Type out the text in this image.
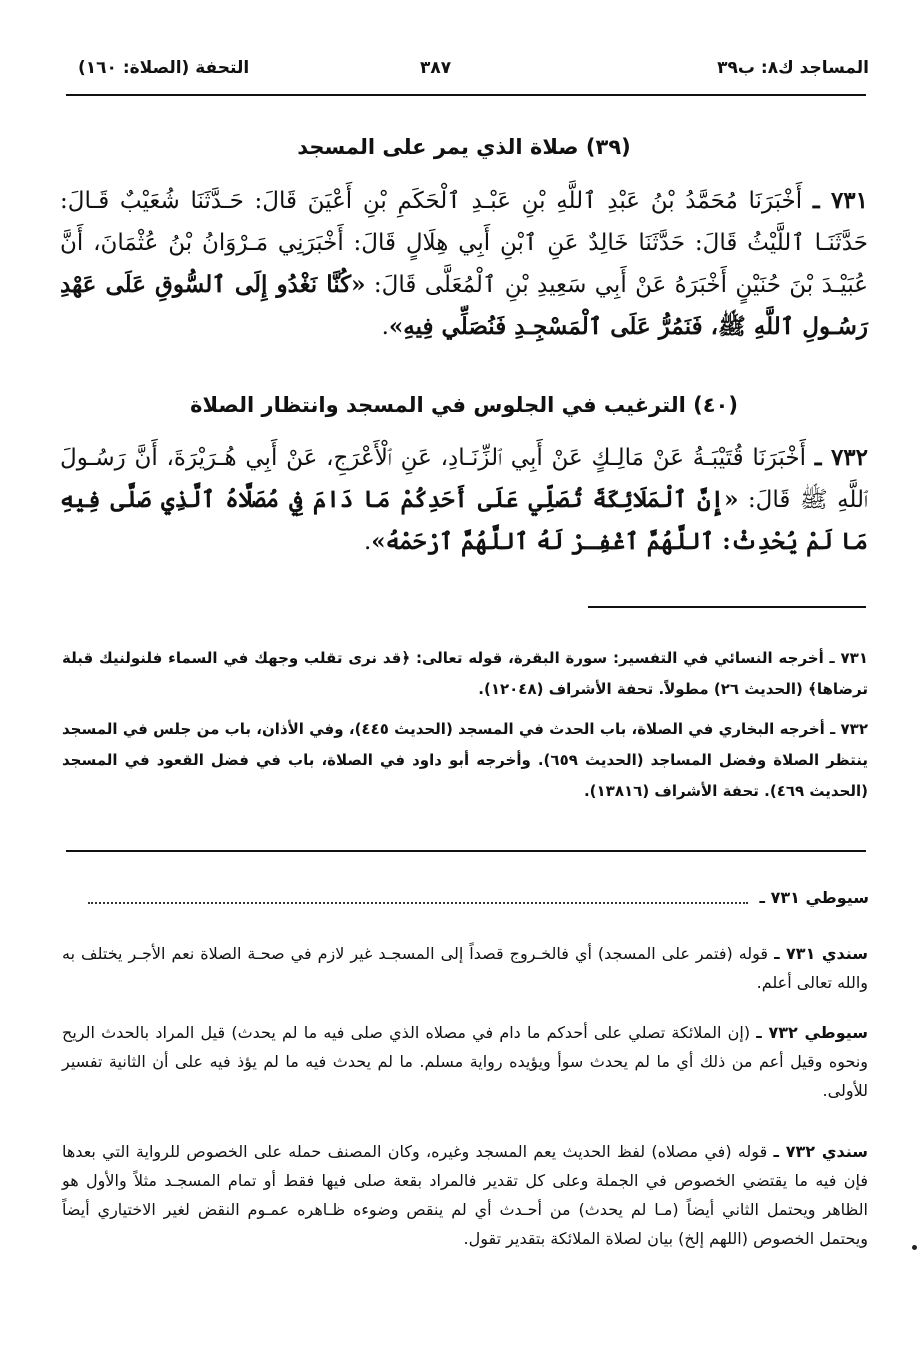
المساجد ك٨: ب٣٩
٣٨٧
التحفة (الصلاة: ١٦٠)
(٣٩) صلاة الذي يمر على المسجد
٧٣١ ـ أَخْبَرَنَا مُحَمَّدُ بْنُ عَبْدِ ٱللَّهِ بْنِ عَبْـدِ ٱلْحَكَمِ بْنِ أَعْيَنَ قَالَ: حَـدَّثَنَا شُعَيْبٌ قَـالَ: حَدَّثَنَـا ٱللَّيْثُ قَالَ: حَدَّثَنَا خَالِدٌ عَنِ ٱبْنِ أَبِي هِلَالٍ قَالَ: أَخْبَرَنِي مَـرْوَانُ بْنُ عُثْمَانَ، أَنَّ عُبَيْـدَ بْنَ حُنَيْنٍ أَخْبَرَهُ عَنْ أَبِي سَعِيدِ بْنِ ٱلْمُعَلَّى قَالَ: «كُنَّا نَغْدُو إِلَى ٱلسُّوقِ عَلَى عَهْدِ رَسُـولِ ٱللَّهِ ﷺ، فَنَمُرُّ عَلَى ٱلْمَسْجِـدِ فَنُصَلِّي فِيهِ».
(٤٠) الترغيب في الجلوس في المسجد وانتظار الصلاة
٧٣٢ ـ أَخْبَرَنَا قُتَيْبَـةُ عَنْ مَالِـكٍ عَنْ أَبِي ٱلزِّنَـادِ، عَنِ ٱلْأَعْرَجِ، عَنْ أَبِي هُـرَيْرَةَ، أَنَّ رَسُـولَ ٱللَّهِ ﷺ قَالَ: «إِنَّ ٱلْمَلَائِكَةَ تُصَلِّي عَلَى أَحَدِكُمْ مَا دَامَ فِي مُصَلَّاهُ ٱلَّذِي صَلَّى فِيهِ مَا لَمْ يُحْدِثْ: ٱللَّهُمَّ ٱغْفِـرْ لَهُ ٱللَّهُمَّ ٱرْحَمْهُ».
٧٣١ ـ أخرجه النسائي في التفسير: سورة البقرة، قوله تعالى: ﴿قد نرى تقلب وجهك في السماء فلنولنيك قبلة ترضاها﴾ (الحديث ٢٦) مطولاً. تحفة الأشراف (١٢٠٤٨).
٧٣٢ ـ أخرجه البخاري في الصلاة، باب الحدث في المسجد (الحديث ٤٤٥)، وفي الأذان، باب من جلس في المسجد ينتظر الصلاة وفضل المساجد (الحديث ٦٥٩). وأخرجه أبو داود في الصلاة، باب في فضل القعود في المسجد (الحديث ٤٦٩). تحفة الأشراف (١٣٨١٦).
سيوطي ٧٣١ ـ
سندي ٧٣١ ـ قوله (فتمر على المسجد) أي فالخـروج قصداً إلى المسجـد غير لازم في صحـة الصلاة نعم الأجـر يختلف به والله تعالى أعلم.
سيوطي ٧٣٢ ـ (إن الملائكة تصلي على أحدكم ما دام في مصلاه الذي صلى فيه ما لم يحدث) قيل المراد بالحدث الريح ونحوه وقيل أعم من ذلك أي ما لم يحدث سوأ ويؤيده رواية مسلم. ما لم يحدث فيه ما لم يؤذ فيه على أن الثانية تفسير للأولى.
سندي ٧٣٢ ـ قوله (في مصلاه) لفظ الحديث يعم المسجد وغيره، وكان المصنف حمله على الخصوص للرواية التي بعدها فإن فيه ما يقتضي الخصوص في الجملة وعلى كل تقدير فالمراد بقعة صلى فيها فقط أو تمام المسجـد مثلاً والأول هو الظاهر ويحتمل الثاني أيضاً (مـا لم يحدث) من أحـدث أي لم ينقص وضوءه ظـاهره عمـوم النقض لغير الاختياري أيضاً ويحتمل الخصوص (اللهم إلخ) بيان لصلاة الملائكة بتقدير تقول.
